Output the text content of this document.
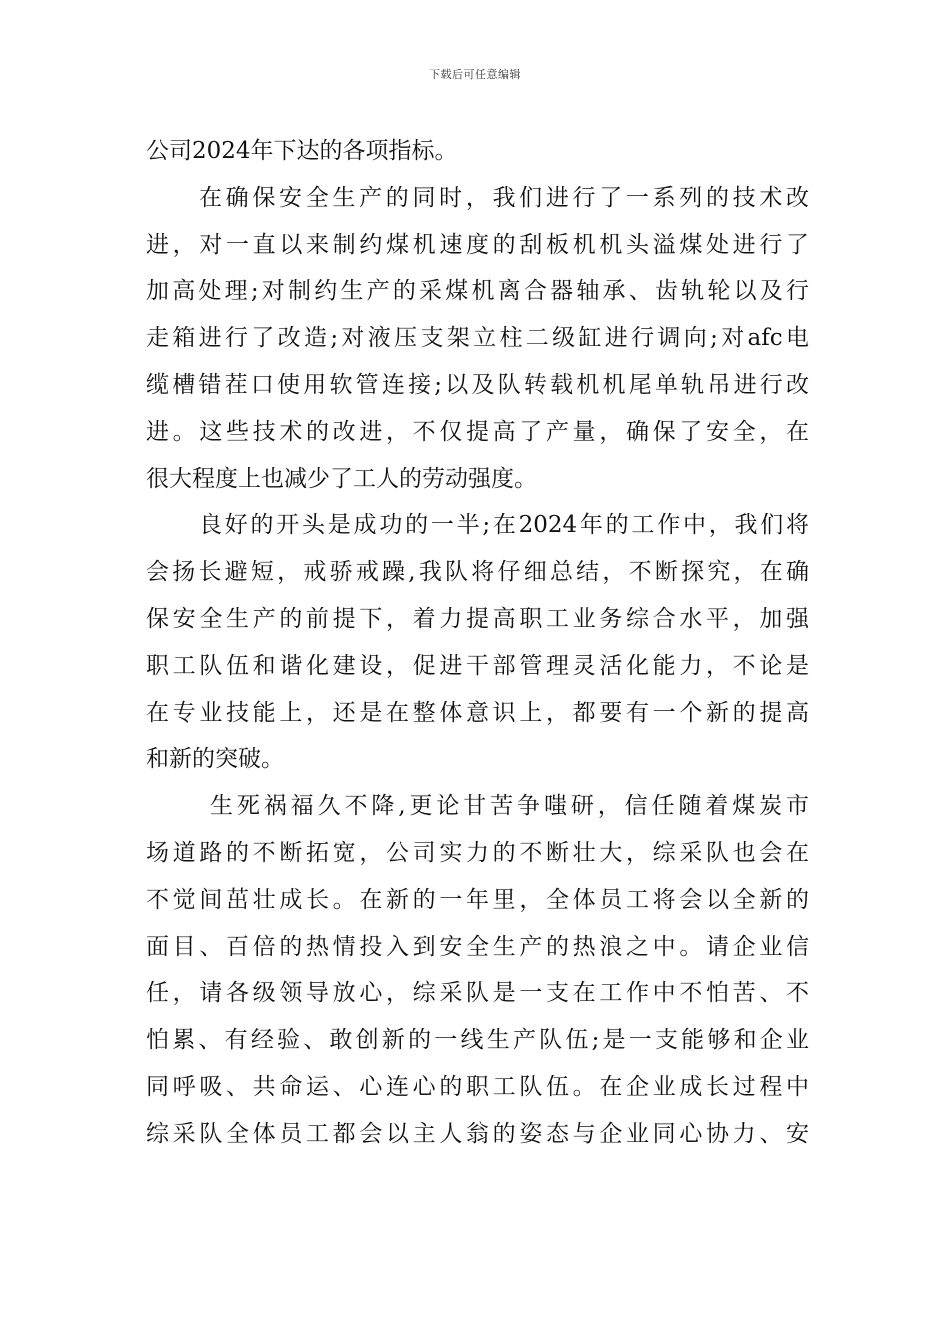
下载后可任意编辑
公司2024年下达的各项指标。
在确保安全生产的同时，我们进行了一系列的技术改
进，对一直以来制约煤机速度的刮板机机头溢煤处进行了
加高处理;对制约生产的采煤机离合器轴承、齿轨轮以及行
走箱进行了改造;对液压支架立柱二级缸进行调向;对afc电
缆槽错茬口使用软管连接;以及队转载机机尾单轨吊进行改
进。这些技术的改进，不仅提高了产量，确保了安全，在
很大程度上也减少了工人的劳动强度。
良好的开头是成功的一半;在2024年的工作中，我们将
会扬长避短，戒骄戒躁,我队将仔细总结，不断探究，在确
保安全生产的前提下，着力提高职工业务综合水平，加强
职工队伍和谐化建设，促进干部管理灵活化能力，不论是
在专业技能上，还是在整体意识上，都要有一个新的提高
和新的突破。
生死祸福久不降,更论甘苦争嗤研，信任随着煤炭市
场道路的不断拓宽，公司实力的不断壮大，综采队也会在
不觉间茁壮成长。在新的一年里，全体员工将会以全新的
面目、百倍的热情投入到安全生产的热浪之中。请企业信
任，请各级领导放心，综采队是一支在工作中不怕苦、不
怕累、有经验、敢创新的一线生产队伍;是一支能够和企业
同呼吸、共命运、心连心的职工队伍。在企业成长过程中
综采队全体员工都会以主人翁的姿态与企业同心协力、安
